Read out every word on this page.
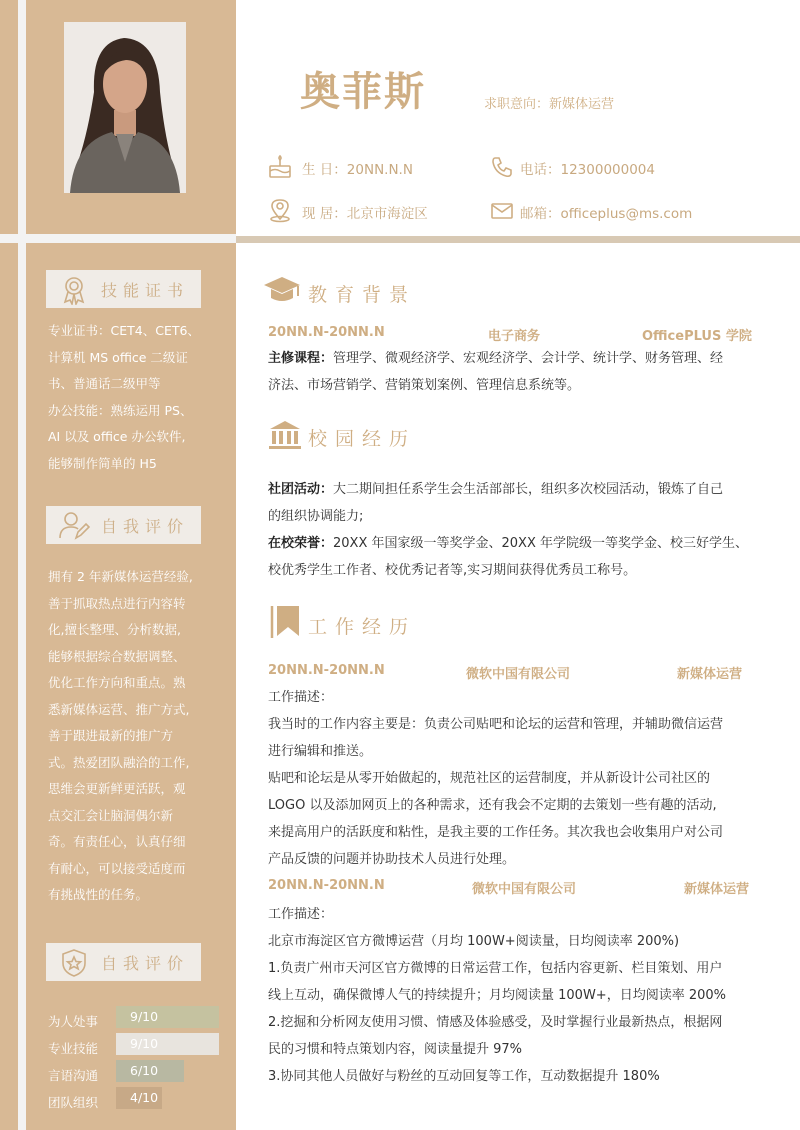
奥菲斯	求职意向：新媒体运营
生 日：20NN.N.N	电话：12300000004
现 居：北京市海淀区	邮箱：officeplus@ms.com
技能证书
专业证书：CET4、CET6、
计算机 MS office 二级证
书、普通话二级甲等
办公技能：熟练运用 PS、
AI 以及 office 办公软件,
能够制作简单的 H5
自我评价
拥有 2 年新媒体运营经验,
善于抓取热点进行内容转
化,擅长整理、分析数据,
能够根据综合数据调整、
优化工作方向和重点。熟
悉新媒体运营、推广方式,
善于跟进最新的推广方
式。热爱团队融洽的工作,
思维会更新鲜更活跃，观
点交汇会让脑洞偶尔新
奇。有责任心，认真仔细
有耐心，可以接受适度而
有挑战性的任务。
自我评价
为人处事	9/10
专业技能	9/10
言语沟通	6/10
团队组织	4/10
教育背景
20NN.N-20NN.N	电子商务	OfficePLUS 学院
主修课程：管理学、微观经济学、宏观经济学、会计学、统计学、财务管理、经
济法、市场营销学、营销策划案例、管理信息系统等。
校园经历
社团活动：大二期间担任系学生会生活部部长，组织多次校园活动，锻炼了自己
的组织协调能力;
在校荣誉：20XX 年国家级一等奖学金、20XX 年学院级一等奖学金、校三好学生、
校优秀学生工作者、校优秀记者等,实习期间获得优秀员工称号。
工作经历
20NN.N-20NN.N	微软中国有限公司	新媒体运营
工作描述：
我当时的工作内容主要是：负责公司贴吧和论坛的运营和管理，并辅助微信运营
进行编辑和推送。
贴吧和论坛是从零开始做起的，规范社区的运营制度，并从新设计公司社区的
LOGO 以及添加网页上的各种需求，还有我会不定期的去策划一些有趣的活动,
来提高用户的活跃度和粘性，是我主要的工作任务。其次我也会收集用户对公司
产品反馈的问题并协助技术人员进行处理。
20NN.N-20NN.N	微软中国有限公司	新媒体运营
工作描述：
北京市海淀区官方微博运营（月均 100W+阅读量，日均阅读率 200%)
1.负责广州市天河区官方微博的日常运营工作，包括内容更新、栏目策划、用户
线上互动，确保微博人气的持续提升；月均阅读量 100W+，日均阅读率 200%
2.挖掘和分析网友使用习惯、情感及体验感受，及时掌握行业最新热点，根据网
民的习惯和特点策划内容，阅读量提升 97%
3.协同其他人员做好与粉丝的互动回复等工作，互动数据提升 180%
